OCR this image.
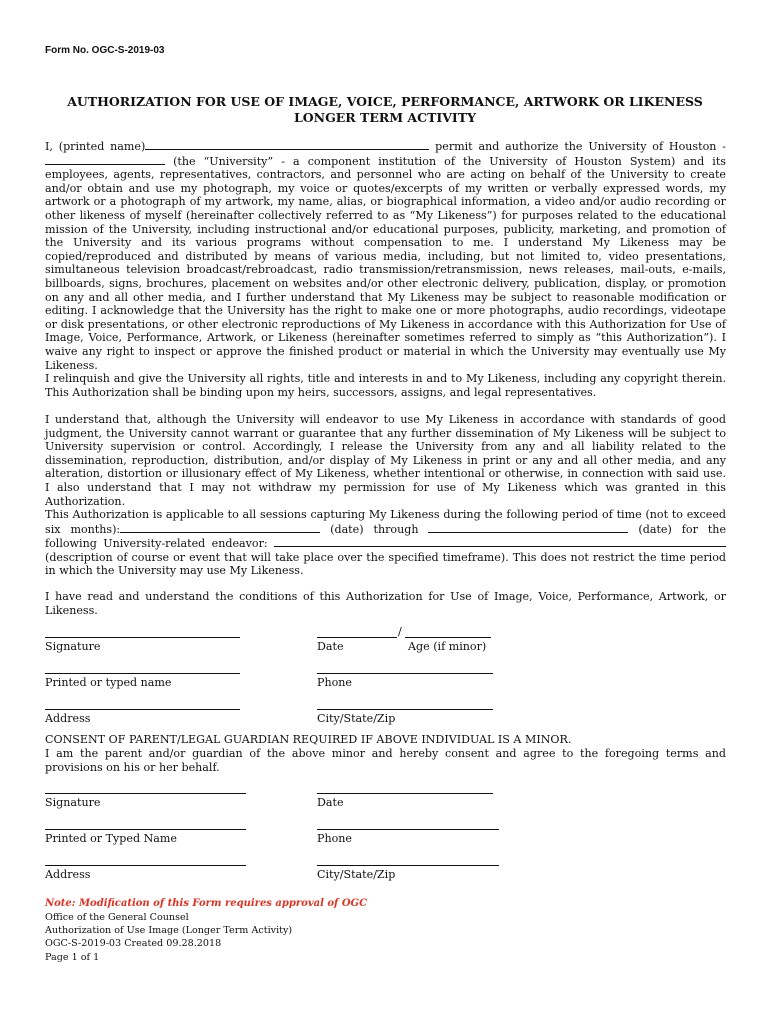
Form No. OGC-S-2019-03
AUTHORIZATION FOR USE OF IMAGE, VOICE, PERFORMANCE, ARTWORK OR LIKENESS
LONGER TERM ACTIVITY

I, (printed name)	permit and authorize the University of Houston -  (the “University” - a component institution of the University of Houston System) and its employees, agents, representatives, contractors, and personnel who are acting on behalf of the University to create and/or obtain and use my photograph, my voice or quotes/excerpts of my written or verbally expressed words, my artwork or a photograph of my artwork, my name, alias, or biographical information, a video and/or audio recording or other likeness of myself (hereinafter collectively referred to as “My Likeness”) for purposes related to the educational mission of the University, including instructional and/or educational purposes, publicity, marketing, and promotion of the University and its various programs without compensation to me. I understand My Likeness may be copied/reproduced and distributed by means of various media, including, but not limited to, video presentations, simultaneous television broadcast/rebroadcast, radio transmission/retransmission, news releases, mail-outs, e-mails, billboards, signs, brochures, placement on websites and/or other electronic delivery, publication, display, or promotion on any and all other media, and I further understand that My Likeness may be subject to reasonable modification or editing. I acknowledge that the University has the right to make one or more photographs, audio recordings, videotape or disk presentations, or other electronic reproductions of My Likeness in accordance with this Authorization for Use of Image, Voice, Performance, Artwork, or Likeness (hereinafter sometimes referred to simply as “this Authorization”). I waive any right to inspect or approve the finished product or material in which the University may eventually use My Likeness.

I relinquish and give the University all rights, title and interests in and to My Likeness, including any copyright therein. This Authorization shall be binding upon my heirs, successors, assigns, and legal representatives.

I understand that, although the University will endeavor to use My Likeness in accordance with standards of good judgment, the University cannot warrant or guarantee that any further dissemination of My Likeness will be subject to University supervision or control. Accordingly, I release the University from any and all liability related to the dissemination, reproduction, distribution, and/or display of My Likeness in print or any and all other media, and any alteration, distortion or illusionary effect of My Likeness, whether intentional or otherwise, in connection with said use. I also understand that I may not withdraw my permission for use of My Likeness which was granted in this Authorization.

This Authorization is applicable to all sessions capturing My Likeness during the following period of time (not to exceed six months):	(date) through	(date) for the following University-related endeavor:  (description of course or event that will take place over the specified timeframe). This does not restrict the time period in which the University may use My Likeness.

I have read and understand the conditions of this Authorization for Use of Image, Voice, Performance, Artwork, or Likeness.

/
Signature	Date	Age (if minor)
Printed or typed name	Phone
Address	City/State/Zip
CONSENT OF PARENT/LEGAL GUARDIAN REQUIRED IF ABOVE INDIVIDUAL IS A MINOR.

I am the parent and/or guardian of the above minor and hereby consent and agree to the foregoing terms and provisions on his or her behalf.

Signature	Date
Printed or Typed Name	Phone
Address	City/State/Zip
Note: Modification of this Form requires approval of OGC
Office of the General Counsel
Authorization of Use Image (Longer Term Activity)
OGC-S-2019-03 Created 09.28.2018
Page 1 of 1
